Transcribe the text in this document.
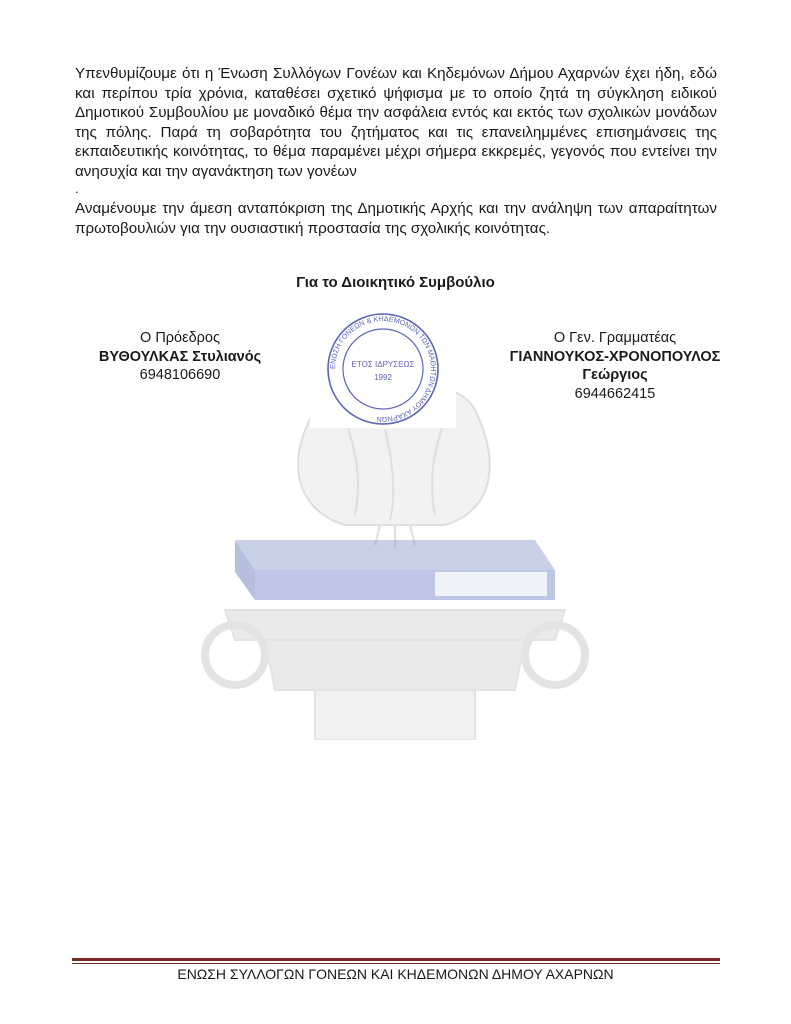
Υπενθυμίζουμε ότι η Ένωση Συλλόγων Γονέων και Κηδεμόνων Δήμου Αχαρνών έχει ήδη, εδώ και περίπου τρία χρόνια, καταθέσει σχετικό ψήφισμα με το οποίο ζητά τη σύγκληση ειδικού Δημοτικού Συμβουλίου με μοναδικό θέμα την ασφάλεια εντός και εκτός των σχολικών μονάδων της πόλης. Παρά τη σοβαρότητα του ζητήματος και τις επανειλημμένες επισημάνσεις της εκπαιδευτικής κοινότητας, το θέμα παραμένει μέχρι σήμερα εκκρεμές, γεγονός που εντείνει την ανησυχία και την αγανάκτηση των γονέων
.
Αναμένουμε την άμεση ανταπόκριση της Δημοτικής Αρχής και την ανάληψη των απαραίτητων πρωτοβουλιών για την ουσιαστική προστασία της σχολικής κοινότητας.
Για το Διοικητικό Συμβούλιο
Ο Πρόεδρος
ΒΥΘΟΥΛΚΑΣ Στυλιανός
6948106690
Ο Γεν. Γραμματέας
ΓΙΑΝΝΟΥΚΟΣ-ΧΡΟΝΟΠΟΥΛΟΣ
Γεώργιος
6944662415
ΕΝΩΣΗ ΓΟΝΕΩΝ & ΚΗΔΕΜΟΝΩΝ ΤΩΝ ΜΑΘΗΤΩΝ ΔΗΜΟΥ ΑΧΑΡΝΩΝ
ΕΤΟΣ ΙΔΡΥΣΕΩΣ
1992
ΕΝΩΣΗ ΣΥΛΛΟΓΩΝ ΓΟΝΕΩΝ ΚΑΙ ΚΗΔΕΜΟΝΩΝ ΔΗΜΟΥ ΑΧΑΡΝΩΝ
